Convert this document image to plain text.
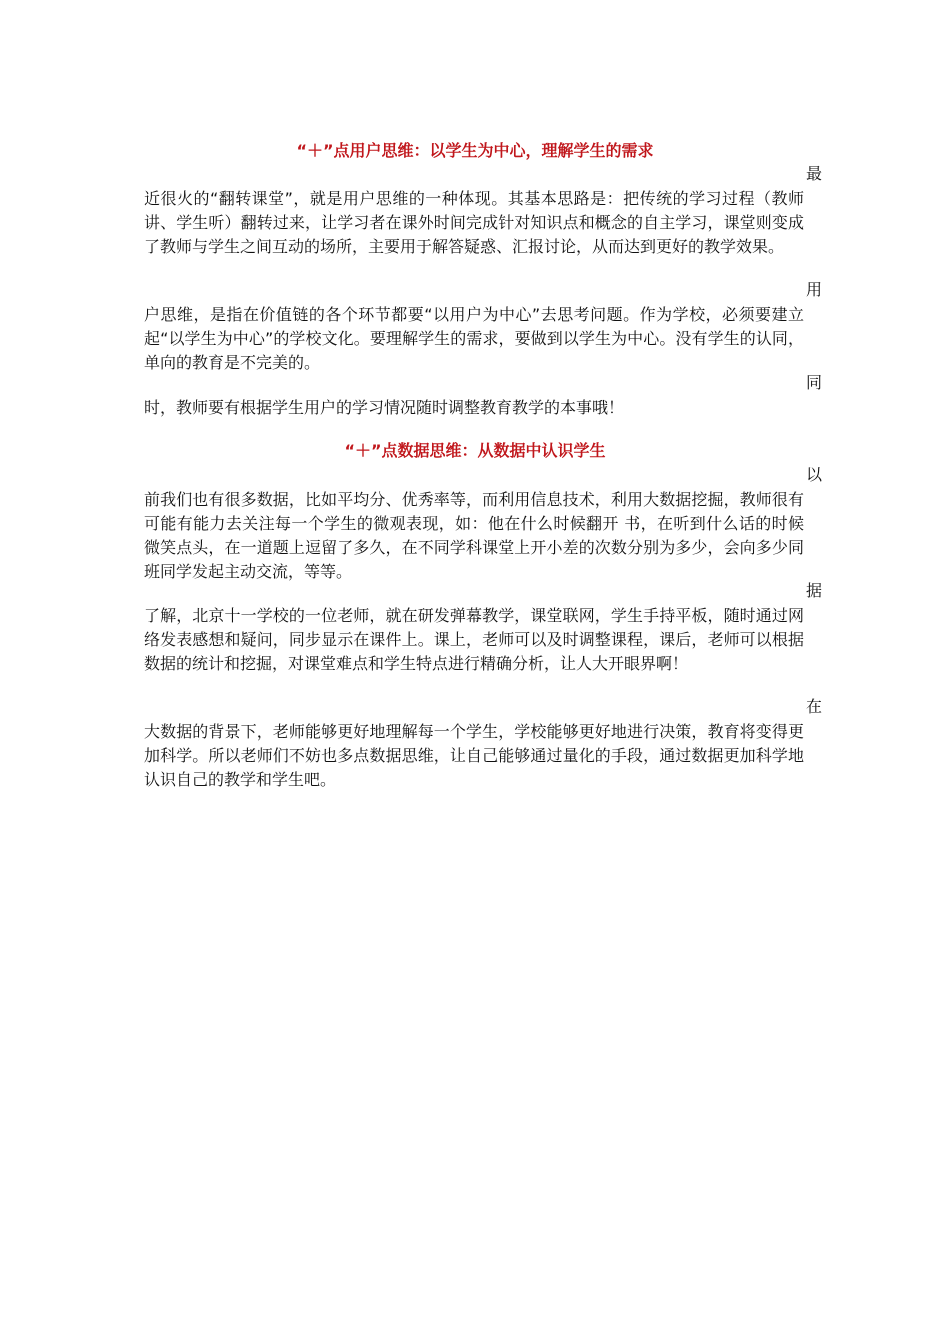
“＋”点用户思维：以学生为中心，理解学生的需求
最

近很火的“翻转课堂”，就是用户思维的一种体现。其基本思路是：把传统的学习过程（教师讲、学生听）翻转过来，让学习者在课外时间完成针对知识点和概念的自主学习，课堂则变成了教师与学生之间互动的场所，主要用于解答疑惑、汇报讨论，从而达到更好的教学效果。

用

户思维，是指在价值链的各个环节都要“以用户为中心”去思考问题。作为学校，必须要建立起“以学生为中心”的学校文化。要理解学生的需求，要做到以学生为中心。没有学生的认同，单向的教育是不完美的。

同

时，教师要有根据学生用户的学习情况随时调整教育教学的本事哦！

“＋”点数据思维：从数据中认识学生
以

前我们也有很多数据，比如平均分、优秀率等，而利用信息技术，利用大数据挖掘，教师很有可能有能力去关注每一个学生的微观表现，如：他在什么时候翻开 书，在听到什么话的时候微笑点头，在一道题上逗留了多久，在不同学科课堂上开小差的次数分别为多少，会向多少同班同学发起主动交流，等等。

据

了解，北京十一学校的一位老师，就在研发弹幕教学，课堂联网，学生手持平板，随时通过网络发表感想和疑问，同步显示在课件上。课上，老师可以及时调整课程，课后，老师可以根据数据的统计和挖掘，对课堂难点和学生特点进行精确分析，让人大开眼界啊！

在

大数据的背景下，老师能够更好地理解每一个学生，学校能够更好地进行决策，教育将变得更加科学。所以老师们不妨也多点数据思维，让自己能够通过量化的手段，通过数据更加科学地认识自己的教学和学生吧。
